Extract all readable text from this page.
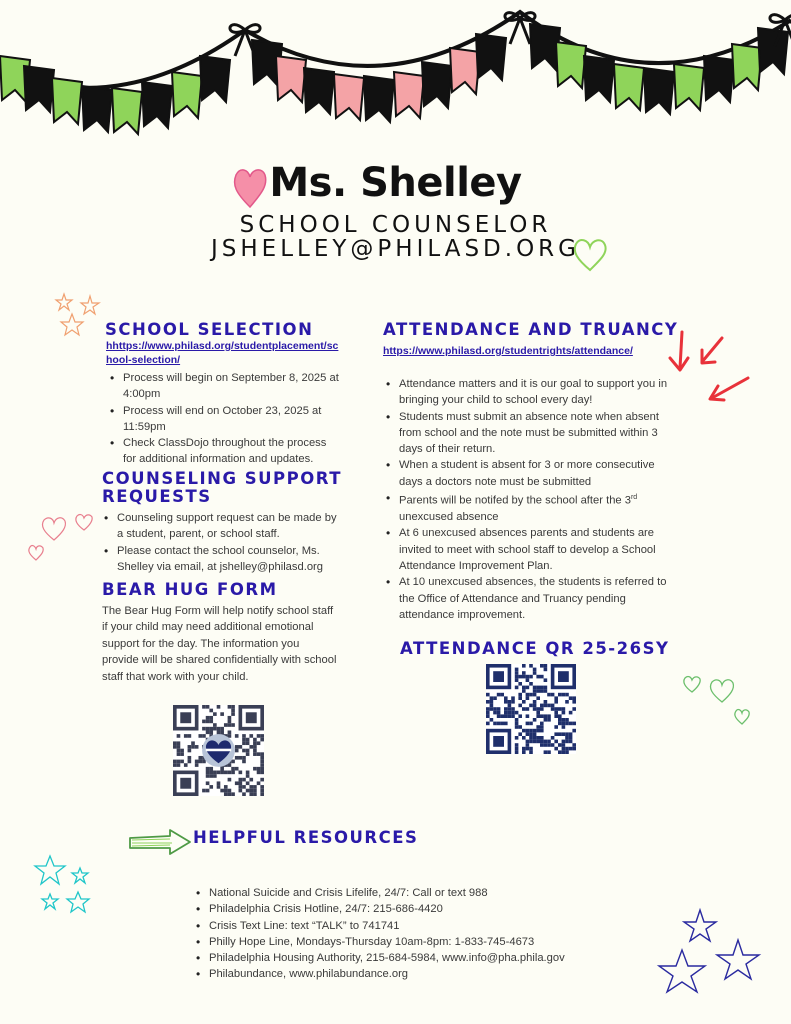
Ms. Shelley
SCHOOL COUNSELOR
JSHELLEY@PHILASD.ORG
SCHOOL SELECTION
hhttps://www.philasd.org/studentplacement/sc
hool-selection/
• Process will begin on September 8, 2025 at 4:00pm
• Process will end on October 23, 2025 at 11:59pm
• Check ClassDojo throughout the process for additional information and updates.
COUNSELING SUPPORT
REQUESTS
• Counseling support request can be made by a student, parent, or school staff.
• Please contact the school counselor, Ms. Shelley via email, at jshelley@philasd.org
BEAR HUG FORM

The Bear Hug Form will help notify school staff if your child may need additional emotional support for the day. The information you provide will be shared confidentially with school staff that work with your child.

ATTENDANCE AND TRUANCY
https://www.philasd.org/studentrights/attendance/
• Attendance matters and it is our goal to support you in bringing your child to school every day!
• Students must submit an absence note when absent from school and the note must be submitted within 3 days of their return.
• When a student is absent for 3 or more consecutive days a doctors note must be submitted
• Parents will be notifed by the school after the 3rd
unexcused absence
• At 6 unexcused absences parents and students are invited to meet with school staff to develop a School Attendance Improvement Plan.
• At 10 unexcused absences, the students is referred to the Office of Attendance and Truancy pending attendance improvement.
ATTENDANCE QR 25-26SY
HELPFUL RESOURCES
• National Suicide and Crisis Lifelife, 24/7: Call or text 988
• Philadelphia Crisis Hotline, 24/7: 215-686-4420
• Crisis Text Line: text “TALK” to 741741
• Philly Hope Line, Mondays-Thursday 10am-8pm: 1-833-745-4673
• Philadelphia Housing Authority, 215-684-5984, www.info@pha.phila.gov
• Philabundance, www.philabundance.org
